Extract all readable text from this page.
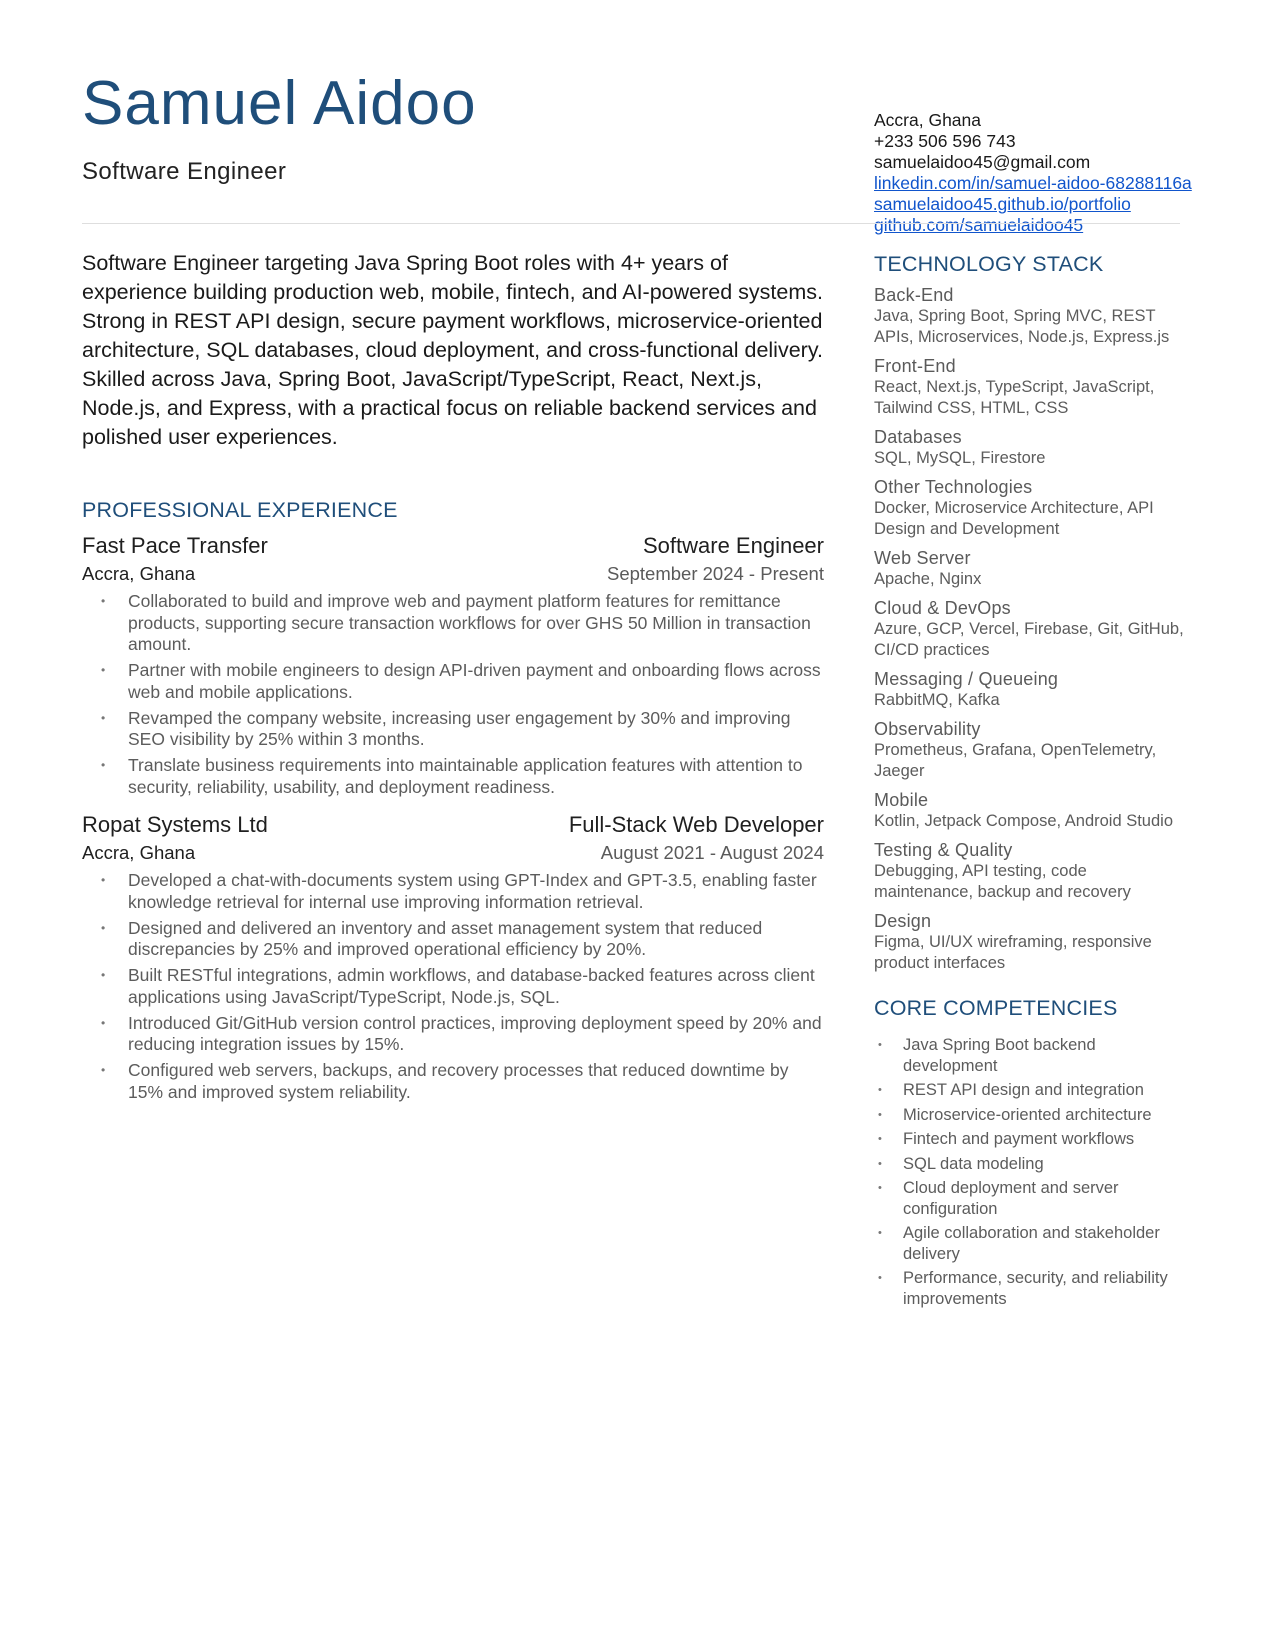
Samuel Aidoo
Software Engineer
Accra, Ghana
+233 506 596 743
samuelaidoo45@gmail.com
linkedin.com/in/samuel-aidoo-68288116a
samuelaidoo45.github.io/portfolio
github.com/samuelaidoo45

Software Engineer targeting Java Spring Boot roles with 4+ years of experience building production web, mobile, fintech, and AI-powered systems. Strong in REST API design, secure payment workflows, microservice-oriented architecture, SQL databases, cloud deployment, and cross-functional delivery. Skilled across Java, Spring Boot, JavaScript/TypeScript, React, Next.js, Node.js, and Express, with a practical focus on reliable backend services and polished user experiences.

PROFESSIONAL EXPERIENCE
Fast Pace Transfer	Software Engineer
Accra, Ghana	September 2024 - Present
• Collaborated to build and improve web and payment platform features for remittance products, supporting secure transaction workflows for over GHS 50 Million in transaction amount.
• Partner with mobile engineers to design API-driven payment and onboarding flows across web and mobile applications.
• Revamped the company website, increasing user engagement by 30% and improving SEO visibility by 25% within 3 months.
• Translate business requirements into maintainable application features with attention to security, reliability, usability, and deployment readiness.
Ropat Systems Ltd	Full-Stack Web Developer
Accra, Ghana	August 2021 - August 2024
• Developed a chat-with-documents system using GPT-Index and GPT-3.5, enabling faster knowledge retrieval for internal use improving information retrieval.
• Designed and delivered an inventory and asset management system that reduced discrepancies by 25% and improved operational efficiency by 20%.
• Built RESTful integrations, admin workflows, and database-backed features across client applications using JavaScript/TypeScript, Node.js, SQL.
• Introduced Git/GitHub version control practices, improving deployment speed by 20% and reducing integration issues by 15%.
• Configured web servers, backups, and recovery processes that reduced downtime by 15% and improved system reliability.
TECHNOLOGY STACK
Back-End
Java, Spring Boot, Spring MVC, REST APIs, Microservices, Node.js, Express.js
Front-End
React, Next.js, TypeScript, JavaScript, Tailwind CSS, HTML, CSS
Databases
SQL, MySQL, Firestore
Other Technologies
Docker, Microservice Architecture, API Design and Development
Web Server
Apache, Nginx
Cloud & DevOps
Azure, GCP, Vercel, Firebase, Git, GitHub, CI/CD practices
Messaging / Queueing
RabbitMQ, Kafka
Observability
Prometheus, Grafana, OpenTelemetry, Jaeger
Mobile
Kotlin, Jetpack Compose, Android Studio
Testing & Quality
Debugging, API testing, code maintenance, backup and recovery
Design
Figma, UI/UX wireframing, responsive product interfaces
CORE COMPETENCIES
• Java Spring Boot backend development
• REST API design and integration
• Microservice-oriented architecture
• Fintech and payment workflows
• SQL data modeling
• Cloud deployment and server configuration
• Agile collaboration and stakeholder delivery
• Performance, security, and reliability improvements
